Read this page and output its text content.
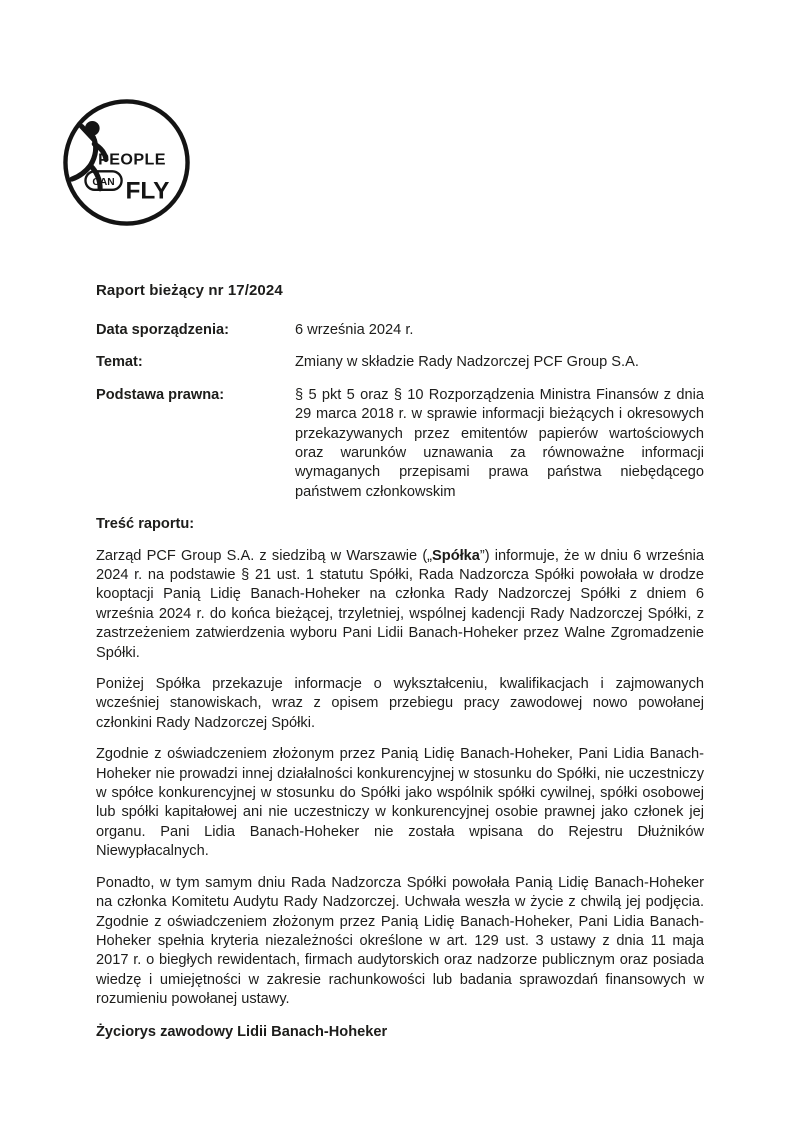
PEOPLE
CAN FLY
Raport bieżący nr 17/2024
Data sporządzenia:	6 września 2024 r.
Temat:	Zmiany w składzie Rady Nadzorczej PCF Group S.A.
Podstawa prawna:	§ 5 pkt 5 oraz § 10 Rozporządzenia Ministra Finansów z dnia 29 marca 2018 r. w sprawie informacji bieżących i okresowych przekazywanych przez emitentów papierów wartościowych oraz warunków uznawania za równoważne informacji wymaganych przepisami prawa państwa niebędącego państwem członkowskim
Treść raportu:

Zarząd PCF Group S.A. z siedzibą w Warszawie („Spółka”) informuje, że w dniu 6 września 2024 r. na podstawie § 21 ust. 1 statutu Spółki, Rada Nadzorcza Spółki powołała w drodze kooptacji Panią Lidię Banach-Hoheker na członka Rady Nadzorczej Spółki z dniem 6 września 2024 r. do końca bieżącej, trzyletniej, wspólnej kadencji Rady Nadzorczej Spółki, z zastrzeżeniem zatwierdzenia wyboru Pani Lidii Banach-Hoheker przez Walne Zgromadzenie Spółki.

Poniżej Spółka przekazuje informacje o wykształceniu, kwalifikacjach i zajmowanych wcześniej stanowiskach, wraz z opisem przebiegu pracy zawodowej nowo powołanej członkini Rady Nadzorczej Spółki.

Zgodnie z oświadczeniem złożonym przez Panią Lidię Banach-Hoheker, Pani Lidia Banach-Hoheker nie prowadzi innej działalności konkurencyjnej w stosunku do Spółki, nie uczestniczy w spółce konkurencyjnej w stosunku do Spółki jako wspólnik spółki cywilnej, spółki osobowej lub spółki kapitałowej ani nie uczestniczy w konkurencyjnej osobie prawnej jako członek jej organu. Pani Lidia Banach-Hoheker nie została wpisana do Rejestru Dłużników Niewypłacalnych.

Ponadto, w tym samym dniu Rada Nadzorcza Spółki powołała Panią Lidię Banach-Hoheker na członka Komitetu Audytu Rady Nadzorczej. Uchwała weszła w życie z chwilą jej podjęcia. Zgodnie z oświadczeniem złożonym przez Panią Lidię Banach-Hoheker, Pani Lidia Banach-Hoheker spełnia kryteria niezależności określone w art. 129 ust. 3 ustawy z dnia 11 maja 2017 r. o biegłych rewidentach, firmach audytorskich oraz nadzorze publicznym oraz posiada wiedzę i umiejętności w zakresie rachunkowości lub badania sprawozdań finansowych w rozumieniu powołanej ustawy.

Życiorys zawodowy Lidii Banach-Hoheker
